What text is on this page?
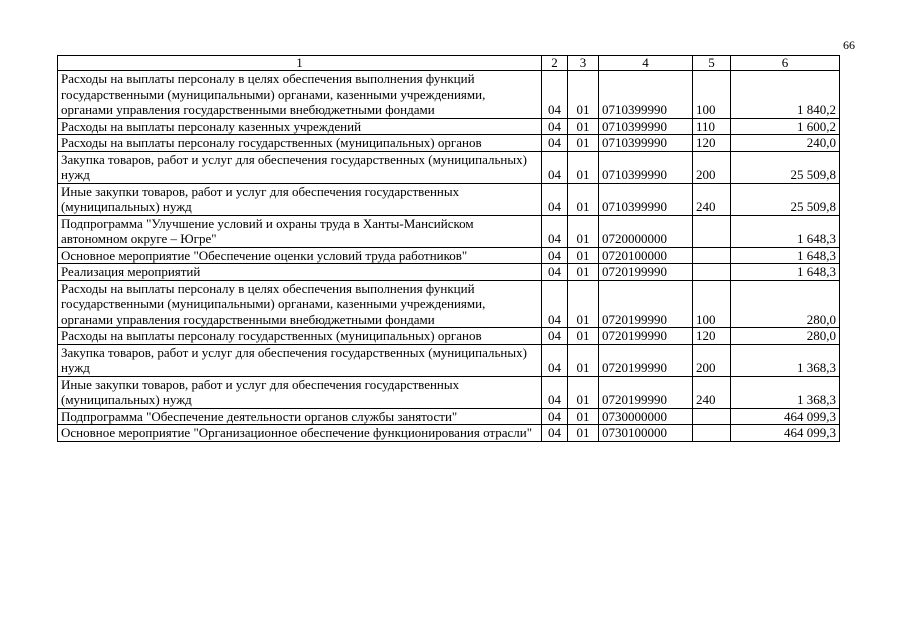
66
1	2	3	4	5	6
Расходы на выплаты персоналу в целях обеспечения выполнения функций государственными (муниципальными) органами, казенными учреждениями, органами управления государственными внебюджетными фондами	04	01	0710399990	100	1 840,2
Расходы на выплаты персоналу казенных учреждений	04	01	0710399990	110	1 600,2
Расходы на выплаты персоналу государственных (муниципальных) органов	04	01	0710399990	120	240,0
Закупка товаров, работ и услуг для обеспечения государственных (муниципальных) нужд	04	01	0710399990	200	25 509,8
Иные закупки товаров, работ и услуг для обеспечения государственных (муниципальных) нужд	04	01	0710399990	240	25 509,8
Подпрограмма "Улучшение условий и охраны труда в Ханты-Мансийском автономном округе – Югре"	04	01	0720000000		1 648,3
Основное мероприятие "Обеспечение оценки условий труда работников"	04	01	0720100000		1 648,3
Реализация мероприятий	04	01	0720199990		1 648,3
Расходы на выплаты персоналу в целях обеспечения выполнения функций государственными (муниципальными) органами, казенными учреждениями, органами управления государственными внебюджетными фондами	04	01	0720199990	100	280,0
Расходы на выплаты персоналу государственных (муниципальных) органов	04	01	0720199990	120	280,0
Закупка товаров, работ и услуг для обеспечения государственных (муниципальных) нужд	04	01	0720199990	200	1 368,3
Иные закупки товаров, работ и услуг для обеспечения государственных (муниципальных) нужд	04	01	0720199990	240	1 368,3
Подпрограмма "Обеспечение деятельности органов службы занятости"	04	01	0730000000		464 099,3
Основное мероприятие "Организационное обеспечение функционирования отрасли"	04	01	0730100000		464 099,3
